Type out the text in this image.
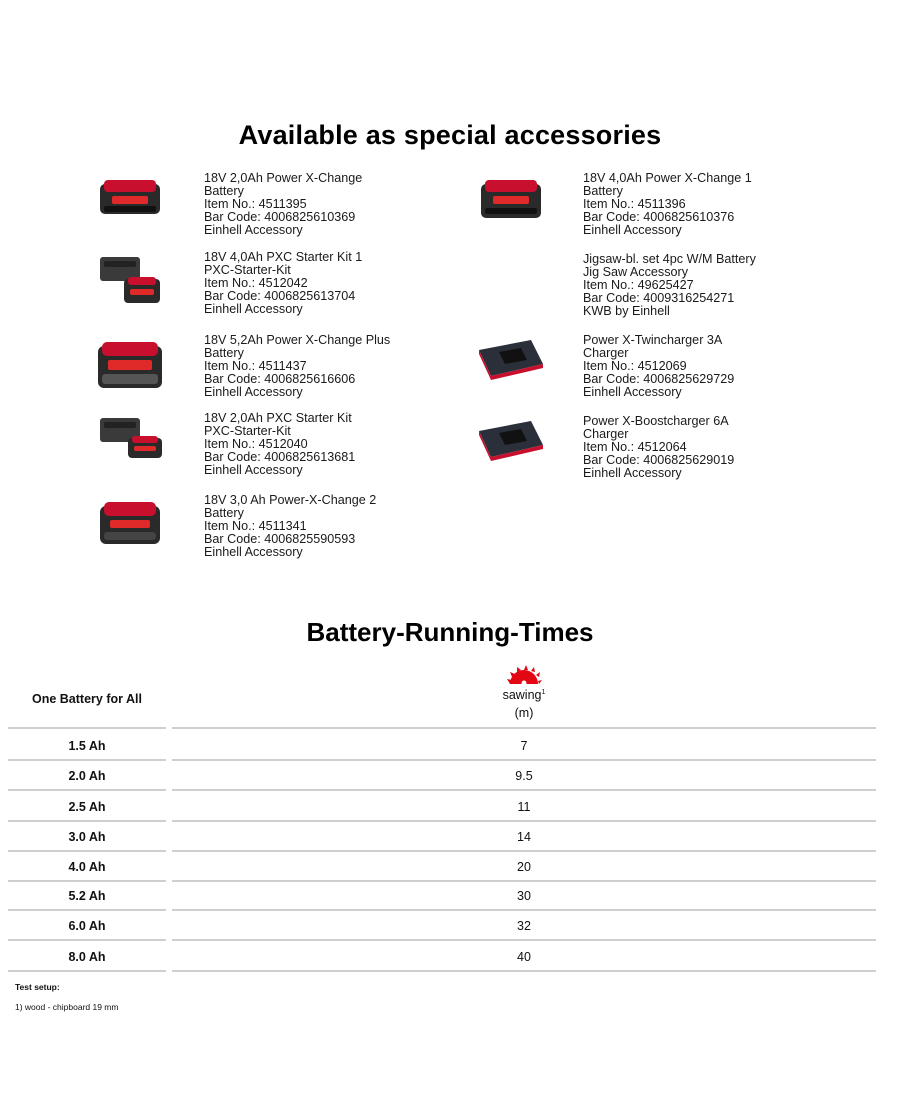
Available as special accessories
18V 2,0Ah Power X-Change
Battery
Item No.: 4511395
Bar Code: 4006825610369
Einhell Accessory
18V 4,0Ah PXC Starter Kit 1
PXC-Starter-Kit
Item No.: 4512042
Bar Code: 4006825613704
Einhell Accessory
18V 5,2Ah Power X-Change Plus
Battery
Item No.: 4511437
Bar Code: 4006825616606
Einhell Accessory
18V 2,0Ah PXC Starter Kit
PXC-Starter-Kit
Item No.: 4512040
Bar Code: 4006825613681
Einhell Accessory
18V 3,0 Ah Power-X-Change 2
Battery
Item No.: 4511341
Bar Code: 4006825590593
Einhell Accessory
18V 4,0Ah Power X-Change 1
Battery
Item No.: 4511396
Bar Code: 4006825610376
Einhell Accessory
Jigsaw-bl. set 4pc W/M Battery
Jig Saw Accessory
Item No.: 49625427
Bar Code: 4009316254271
KWB by Einhell
Power X-Twincharger 3A
Charger
Item No.: 4512069
Bar Code: 4006825629729
Einhell Accessory
Power X-Boostcharger 6A
Charger
Item No.: 4512064
Bar Code: 4006825629019
Einhell Accessory
Battery-Running-Times
One Battery for All	sawing$^1$
(m)
1.5 Ah	7
2.0 Ah	9.5
2.5 Ah	11
3.0 Ah	14
4.0 Ah	20
5.2 Ah	30
6.0 Ah	32
8.0 Ah	40
Test setup:
1) wood - chipboard 19 mm
